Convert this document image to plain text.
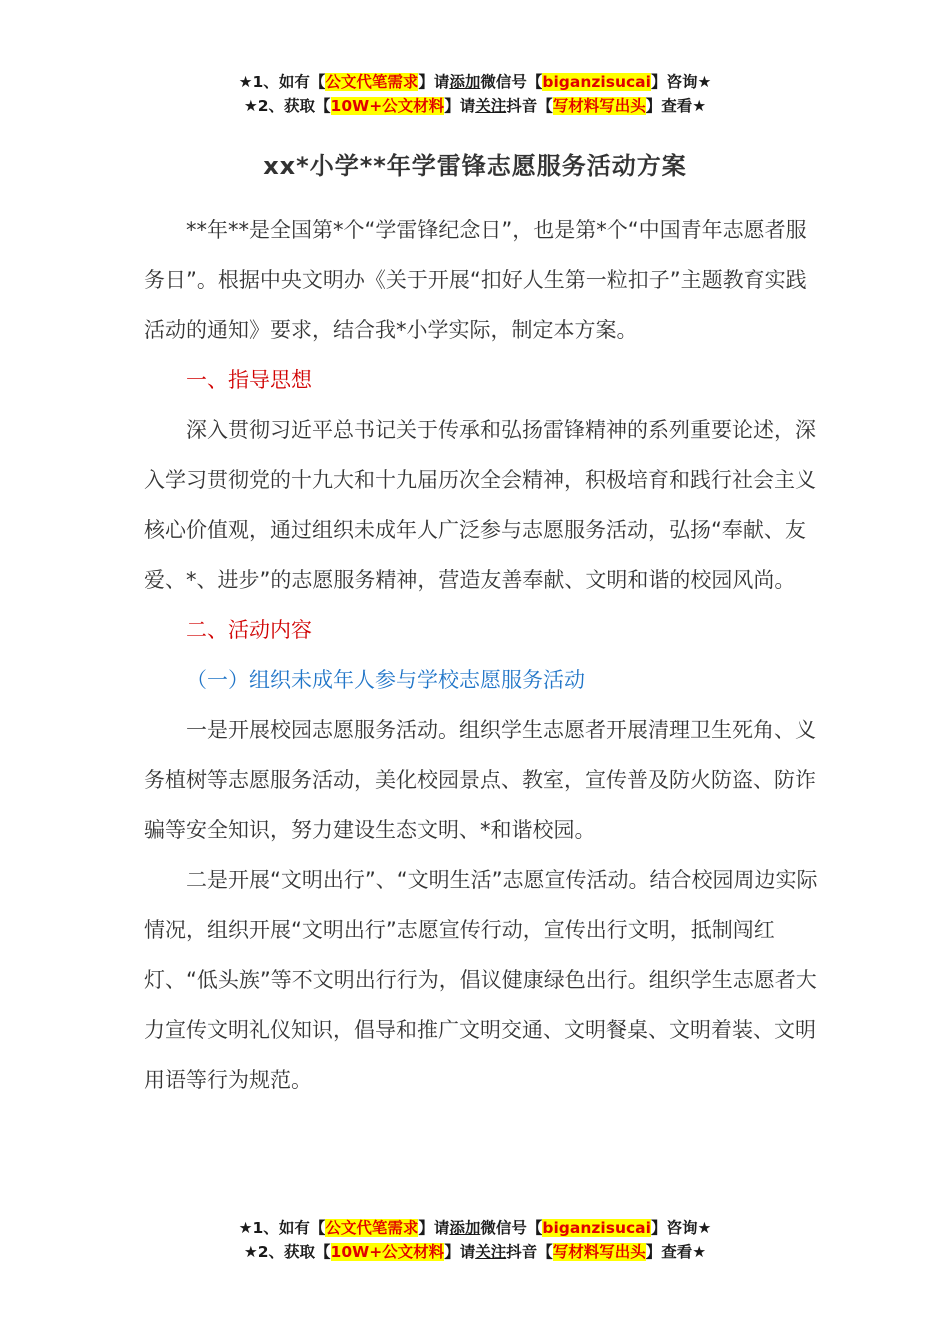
★1、如有【公文代笔需求】请添加微信号【biganzisucai】咨询★
★2、获取【10W+公文材料】请关注抖音【写材料写出头】查看★
xx*小学**年学雷锋志愿服务活动方案

**年**是全国第*个“学雷锋纪念日”，也是第*个“中国青年志愿者服务日”。根据中央文明办《关于开展“扣好人生第一粒扣子”主题教育实践活动的通知》要求，结合我*小学实际，制定本方案。

一、指导思想

深入贯彻习近平总书记关于传承和弘扬雷锋精神的系列重要论述，深入学习贯彻党的十九大和十九届历次全会精神，积极培育和践行社会主义核心价值观，通过组织未成年人广泛参与志愿服务活动，弘扬“奉献、友爱、*、进步”的志愿服务精神，营造友善奉献、文明和谐的校园风尚。

二、活动内容

（一）组织未成年人参与学校志愿服务活动

一是开展校园志愿服务活动。组织学生志愿者开展清理卫生死角、义务植树等志愿服务活动，美化校园景点、教室，宣传普及防火防盗、防诈骗等安全知识，努力建设生态文明、*和谐校园。

二是开展“文明出行”、“文明生活”志愿宣传活动。结合校园周边实际情况，组织开展“文明出行”志愿宣传行动，宣传出行文明，抵制闯红灯、“低头族”等不文明出行行为，倡议健康绿色出行。组织学生志愿者大力宣传文明礼仪知识，倡导和推广文明交通、文明餐桌、文明着装、文明用语等行为规范。

★1、如有【公文代笔需求】请添加微信号【biganzisucai】咨询★
★2、获取【10W+公文材料】请关注抖音【写材料写出头】查看★
